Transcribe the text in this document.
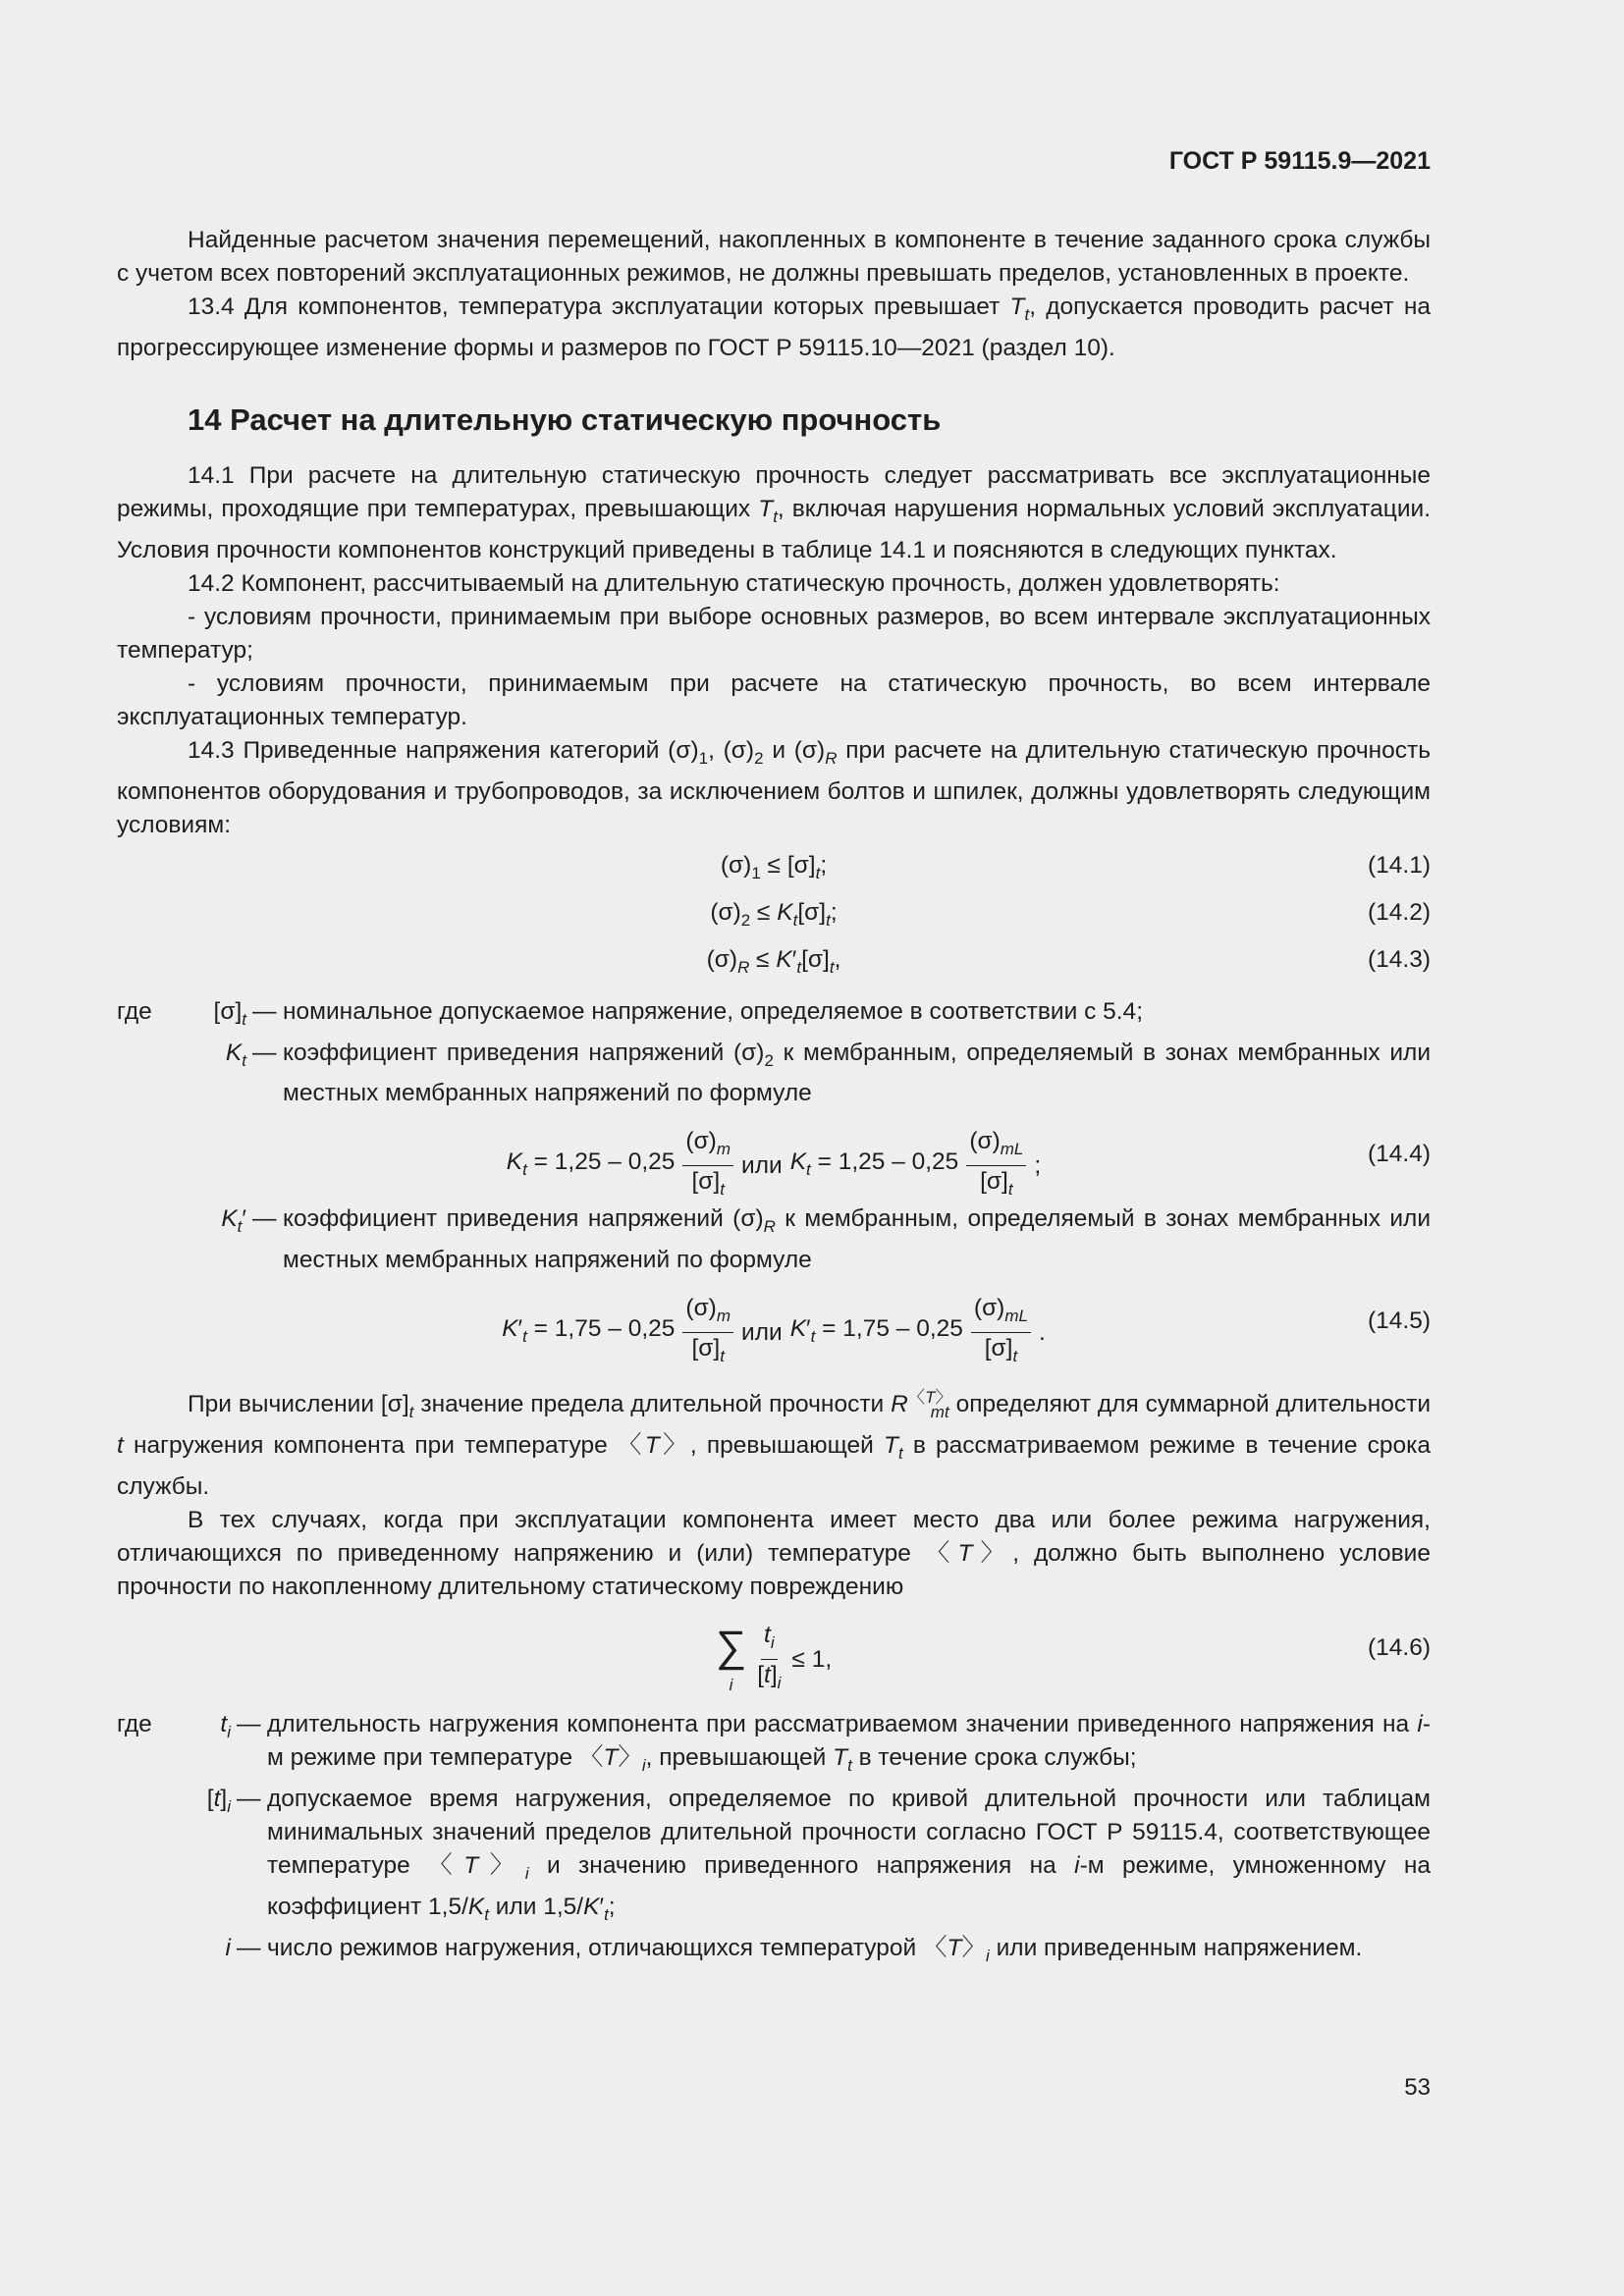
ГОСТ Р 59115.9—2021
Найденные расчетом значения перемещений, накопленных в компоненте в течение заданного срока службы с учетом всех повторений эксплуатационных режимов, не должны превышать пределов, установленных в проекте.
13.4 Для компонентов, температура эксплуатации которых превышает $T_t$, допускается проводить расчет на прогрессирующее изменение формы и размеров по ГОСТ Р 59115.10—2021 (раздел 10).
14 Расчет на длительную статическую прочность
14.1 При расчете на длительную статическую прочность следует рассматривать все эксплуатационные режимы, проходящие при температурах, превышающих $T_t$, включая нарушения нормальных условий эксплуатации. Условия прочности компонентов конструкций приведены в таблице 14.1 и поясняются в следующих пунктах.
14.2 Компонент, рассчитываемый на длительную статическую прочность, должен удовлетворять:
- условиям прочности, принимаемым при выборе основных размеров, во всем интервале эксплуатационных температур;
- условиям прочности, принимаемым при расчете на статическую прочность, во всем интервале эксплуатационных температур.
14.3 Приведенные напряжения категорий $(\sigma)_1$, $(\sigma)_2$ и $(\sigma)_R$ при расчете на длительную статическую прочность компонентов оборудования и трубопроводов, за исключением болтов и шпилек, должны удовлетворять следующим условиям:
$(\sigma)_1 \le [\sigma]_t$;	(14.1)
$(\sigma)_2 \le K_t[\sigma]_t$;	(14.2)
$(\sigma)_R \le K'_t[\sigma]_t$,	(14.3)
где	$[\sigma]_t$ — номинальное допускаемое напряжение, определяемое в соответствии с 5.4;
$K_t$ — коэффициент приведения напряжений $(\sigma)_2$ к мембранным, определяемый в зонах мембранных или местных мембранных напряжений по формуле
$K_t = 1,25 - 0,25 \frac{(\sigma)_m}{[\sigma]_t}$ или $K_t = 1,25 - 0,25 \frac{(\sigma)_{mL}}{[\sigma]_t}$ ;	(14.4)
$K_t'$ — коэффициент приведения напряжений $(\sigma)_R$ к мембранным, определяемый в зонах мембранных или местных мембранных напряжений по формуле
$K'_t = 1,75 - 0,25 \frac{(\sigma)_m}{[\sigma]_t}$ или $K'_t = 1,75 - 0,25 \frac{(\sigma)_{mL}}{[\sigma]_t}$ .	(14.5)
При вычислении $[\sigma]_t$ значение предела длительной прочности $R^{〈T〉}_{mt}$ определяют для суммарной длительности t нагружения компонента при температуре 〈T〉, превышающей $T_t$ в рассматриваемом режиме в течение срока службы.
В тех случаях, когда при эксплуатации компонента имеет место два или более режима нагружения, отличающихся по приведенному напряжению и (или) температуре 〈T〉, должно быть выполнено условие прочности по накопленному длительному статическому повреждению
∑
$_i \frac{t_i}{[t]_i} \le 1$,	(14.6)
где	$t_i$ — длительность нагружения компонента при рассматриваемом значении приведенного напряжения на i-м режиме при температуре 〈T〉$_i$, превышающей $T_t$ в течение срока службы;
$[t]_i$ — допускаемое время нагружения, определяемое по кривой длительной прочности или таблицам минимальных значений пределов длительной прочности согласно ГОСТ Р 59115.4, соответствующее температуре 〈T〉$_i$ и значению приведенного напряжения на i-м режиме, умноженному на коэффициент $1,5/K_t$ или $1,5/K'_t$;
i — число режимов нагружения, отличающихся температурой 〈T〉$_i$ или приведенным напряжением.
53
